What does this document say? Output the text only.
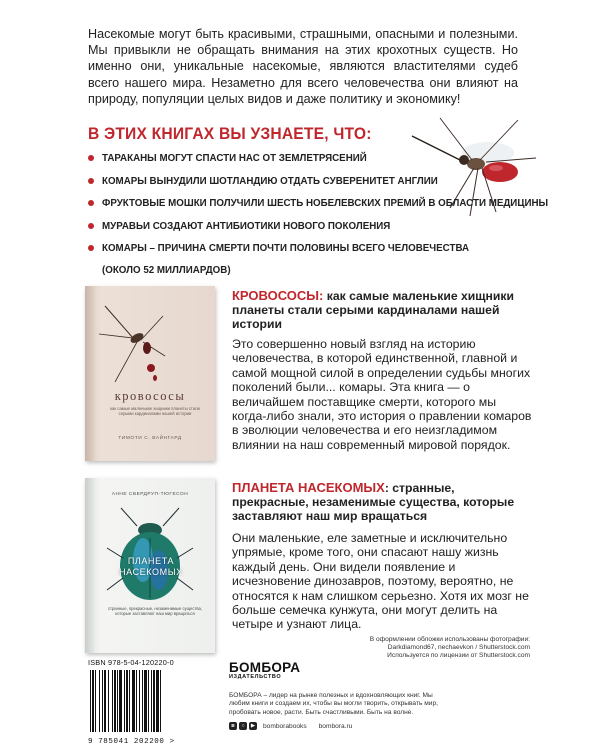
Насекомые могут быть красивыми, страшными, опасными и полезными. Мы привыкли не обращать внимания на этих крохотных существ. Но именно они, уникальные насекомые, являются властителями судеб всего нашего мира. Незаметно для всего человечества они влияют на природу, популяции целых видов и даже политику и экономику!
В ЭТИХ КНИГАХ ВЫ УЗНАЕТЕ, ЧТО:
ТАРАКАНЫ МОГУТ СПАСТИ НАС ОТ ЗЕМЛЕТРЯСЕНИЙ
КОМАРЫ ВЫНУДИЛИ ШОТЛАНДИЮ ОТДАТЬ СУВЕРЕНИТЕТ АНГЛИИ
ФРУКТОВЫЕ МОШКИ ПОЛУЧИЛИ ШЕСТЬ НОБЕЛЕВСКИХ ПРЕМИЙ В ОБЛАСТИ МЕДИЦИНЫ
МУРАВЬИ СОЗДАЮТ АНТИБИОТИКИ НОВОГО ПОКОЛЕНИЯ
КОМАРЫ – ПРИЧИНА СМЕРТИ ПОЧТИ ПОЛОВИНЫ ВСЕГО ЧЕЛОВЕЧЕСТВА(ОКОЛО 52 МИЛЛИАРДОВ)
кровососы
как самые маленькие хищники планеты стали серыми кардиналами нашей истории
ТИМОТИ С. ВАЙНГАРД
КРОВОСОСЫ: как самые маленькие хищники планеты стали серыми кардиналами нашей истории
Это совершенно новый взгляд на историю человечества, в которой единственной, главной и самой мощной силой в определении судьбы многих поколений были... комары. Эта книга — о величайшем поставщике смерти, которого мы когда-либо знали, это история о правлении комаров в эволюции человечества и его неизгладимом влиянии на наш современный мировой порядок.
АННЕ СВЕРДРУП-ТЮГЕСОН
ПЛАНЕТА
НАСЕКОМЫХ
странные, прекрасные, незаменимые существа, которые заставляют наш мир вращаться
ПЛАНЕТА НАСЕКОМЫХ: странные, прекрасные, незаменимые существа, которые заставляют наш мир вращаться
Они маленькие, еле заметные и исключительно упрямые, кроме того, они спасают нашу жизнь каждый день. Они видели появление и исчезновение динозавров, поэтому, вероятно, не относятся к нам слишком серьезно. Хотя их мозг не больше семечка кунжута, они могут делить на четыре и узнают лица.
В оформлении обложки использованы фотографии:
Darkdiamond67, nechaevkon / Shutterstock.com
Используется по лицензии от Shutterstock.com
ISBN 978-5-04-120220-0
9 785041 202200 >
БОМБОРА
ИЗДАТЕЛЬСТВО
БОМБОРА – лидер на рынке полезных и вдохновляющих книг. Мы любим книги и создаем их, чтобы вы могли творить, открывать мир, пробовать новое, расти. Быть счастливыми. Быть на волне.
в	○	▶ bomborabooks bombora.ru
